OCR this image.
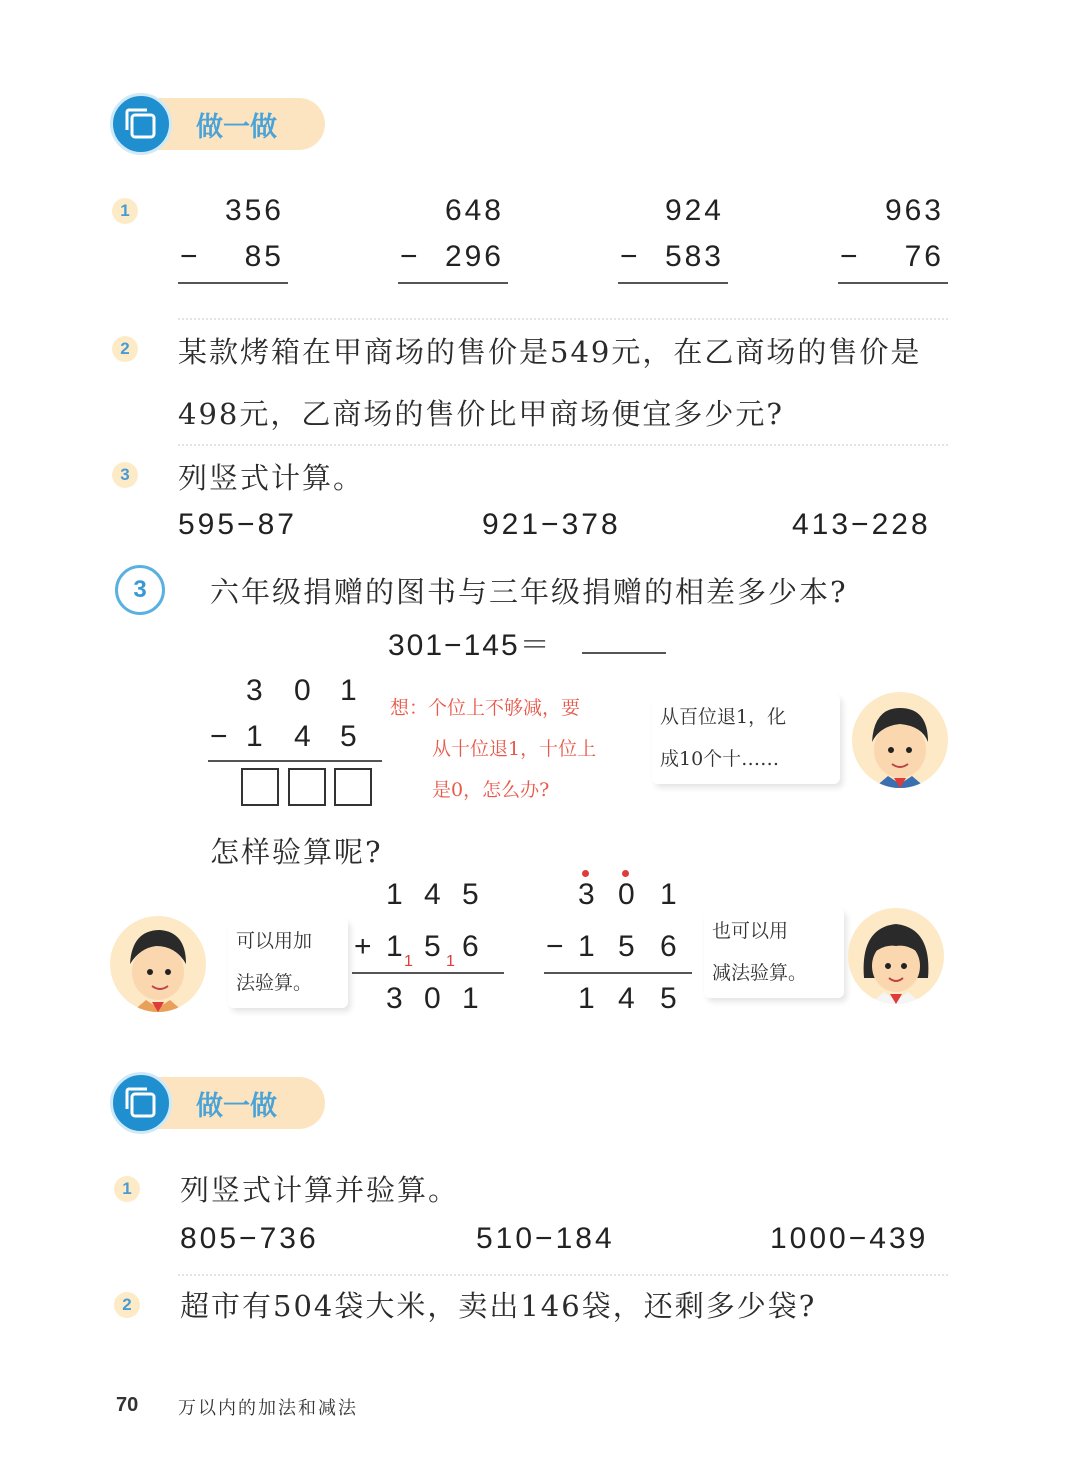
做一做
1	356
− 85
648
− 296
924
− 583
963
− 76
2 某款烤箱在甲商场的售价是549元，在乙商场的售价是
498元，乙商场的售价比甲商场便宜多少元?
3 列竖式计算。
595−87	921−378	413−228
3	六年级捐赠的图书与三年级捐赠的相差多少本?
301−145＝
3 0 1
− 1 4 5
想：个位上不够减，要
从十位退1，十位上
是0，怎么办?
从百位退1，化
成10个十……
怎样验算呢?
可以用加
法验算。
1 4 5
+ 1 5 6
3 0 1
1 1
3 0 1
− 1 5 6
1 4 5
也可以用
减法验算。
做一做
1 列竖式计算并验算。
805−736	510−184	1000−439
2 超市有504袋大米，卖出146袋，还剩多少袋?
70 万以内的加法和减法
